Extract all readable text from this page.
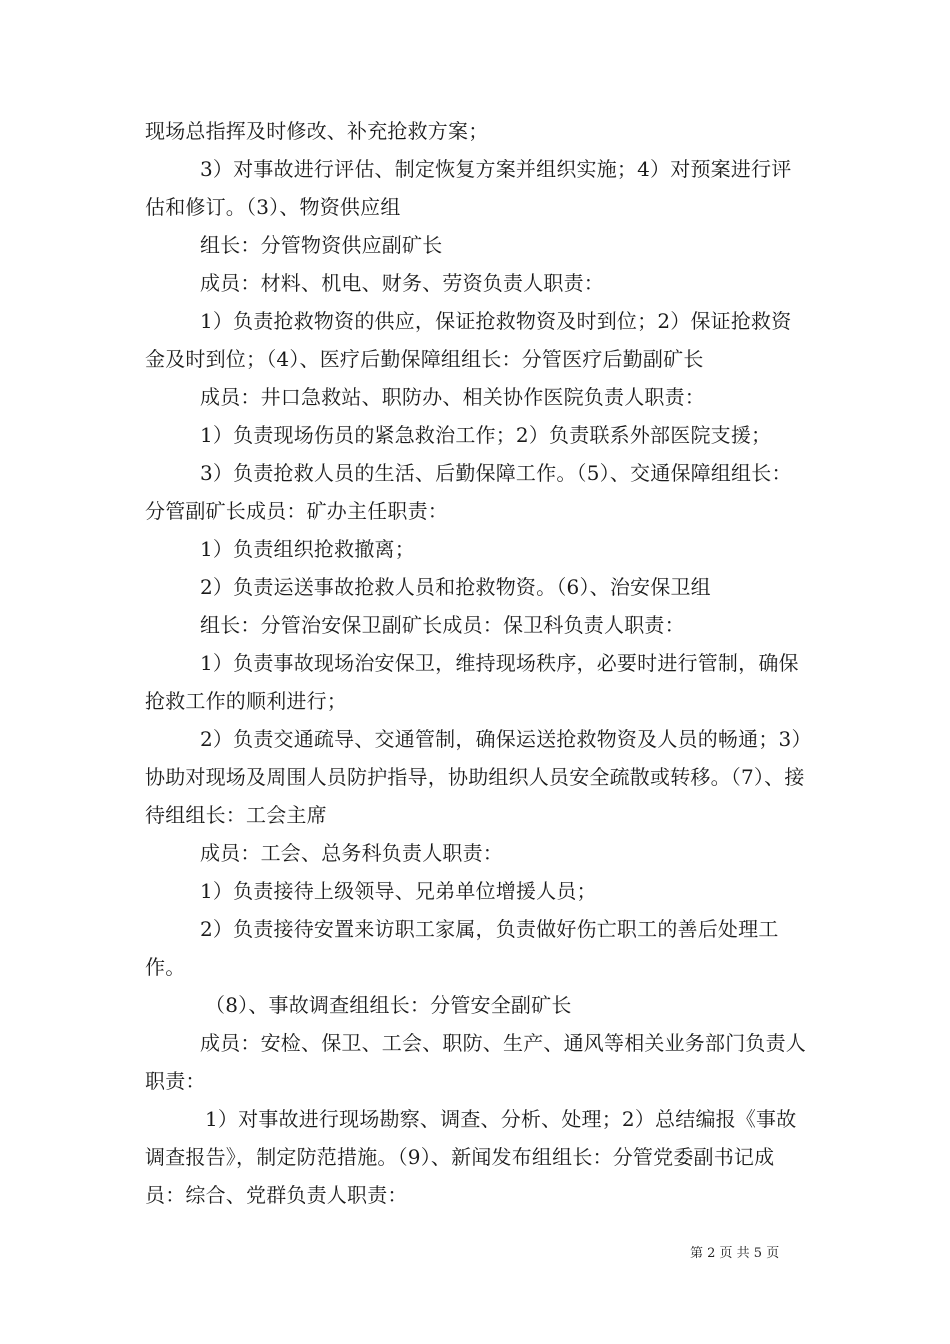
现场总指挥及时修改、补充抢救方案；

3）对事故进行评估、制定恢复方案并组织实施；4）对预案进行评估和修订。（3）、物资供应组

组长：分管物资供应副矿长

成员：材料、机电、财务、劳资负责人职责：

1）负责抢救物资的供应，保证抢救物资及时到位；2）保证抢救资金及时到位；（4）、医疗后勤保障组组长：分管医疗后勤副矿长

成员：井口急救站、职防办、相关协作医院负责人职责：

1）负责现场伤员的紧急救治工作；2）负责联系外部医院支援；

3）负责抢救人员的生活、后勤保障工作。（5）、交通保障组组长：分管副矿长成员：矿办主任职责：

1）负责组织抢救撤离；

2）负责运送事故抢救人员和抢救物资。（6）、治安保卫组

组长：分管治安保卫副矿长成员：保卫科负责人职责：

1）负责事故现场治安保卫，维持现场秩序，必要时进行管制，确保抢救工作的顺利进行；

2）负责交通疏导、交通管制，确保运送抢救物资及人员的畅通；3）协助对现场及周围人员防护指导，协助组织人员安全疏散或转移。（7）、接待组组长：工会主席

成员：工会、总务科负责人职责：

1）负责接待上级领导、兄弟单位增援人员；

2）负责接待安置来访职工家属，负责做好伤亡职工的善后处理工作。

（8）、事故调查组组长：分管安全副矿长

成员：安检、保卫、工会、职防、生产、通风等相关业务部门负责人职责：

1）对事故进行现场勘察、调查、分析、处理；2）总结编报《事故调查报告》，制定防范措施。（9）、新闻发布组组长：分管党委副书记成员：综合、党群负责人职责：

第 2 页 共 5 页
